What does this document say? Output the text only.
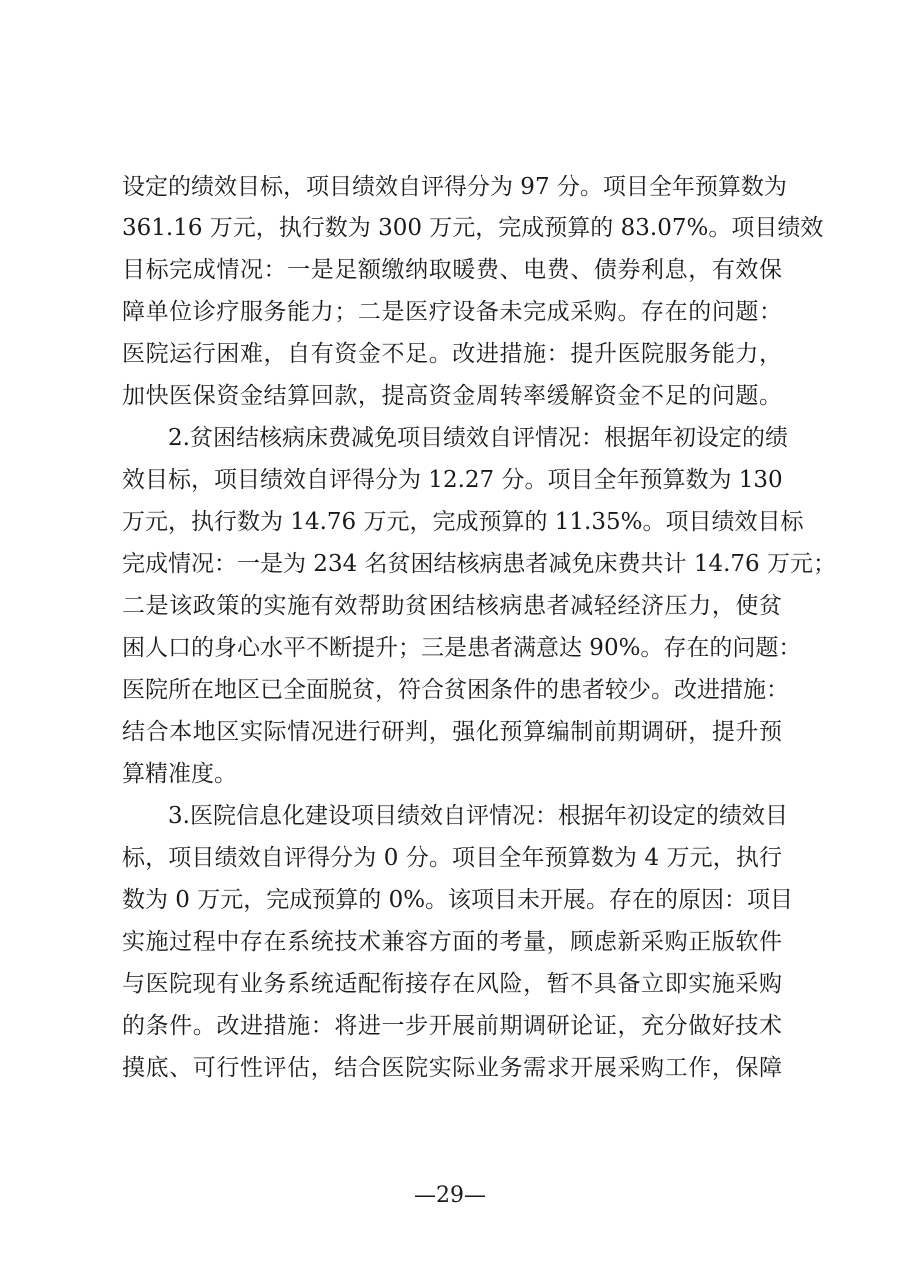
设定的绩效目标，项目绩效自评得分为 97 分。项目全年预算数为
361.16 万元，执行数为 300 万元，完成预算的 83.07%。项目绩效
目标完成情况：一是足额缴纳取暖费、电费、债券利息，有效保
障单位诊疗服务能力；二是医疗设备未完成采购。存在的问题：
医院运行困难，自有资金不足。改进措施：提升医院服务能力，
加快医保资金结算回款，提高资金周转率缓解资金不足的问题。
2.贫困结核病床费减免项目绩效自评情况：根据年初设定的绩
效目标，项目绩效自评得分为 12.27 分。项目全年预算数为 130
万元，执行数为 14.76 万元，完成预算的 11.35%。项目绩效目标
完成情况：一是为 234 名贫困结核病患者减免床费共计 14.76 万元；
二是该政策的实施有效帮助贫困结核病患者减轻经济压力，使贫
困人口的身心水平不断提升；三是患者满意达 90%。存在的问题：
医院所在地区已全面脱贫，符合贫困条件的患者较少。改进措施：
结合本地区实际情况进行研判，强化预算编制前期调研，提升预
算精准度。
3.医院信息化建设项目绩效自评情况：根据年初设定的绩效目
标，项目绩效自评得分为 0 分。项目全年预算数为 4 万元，执行
数为 0 万元，完成预算的 0%。该项目未开展。存在的原因：项目
实施过程中存在系统技术兼容方面的考量，顾虑新采购正版软件
与医院现有业务系统适配衔接存在风险，暂不具备立即实施采购
的条件。改进措施：将进一步开展前期调研论证，充分做好技术
摸底、可行性评估，结合医院实际业务需求开展采购工作，保障
—29—
